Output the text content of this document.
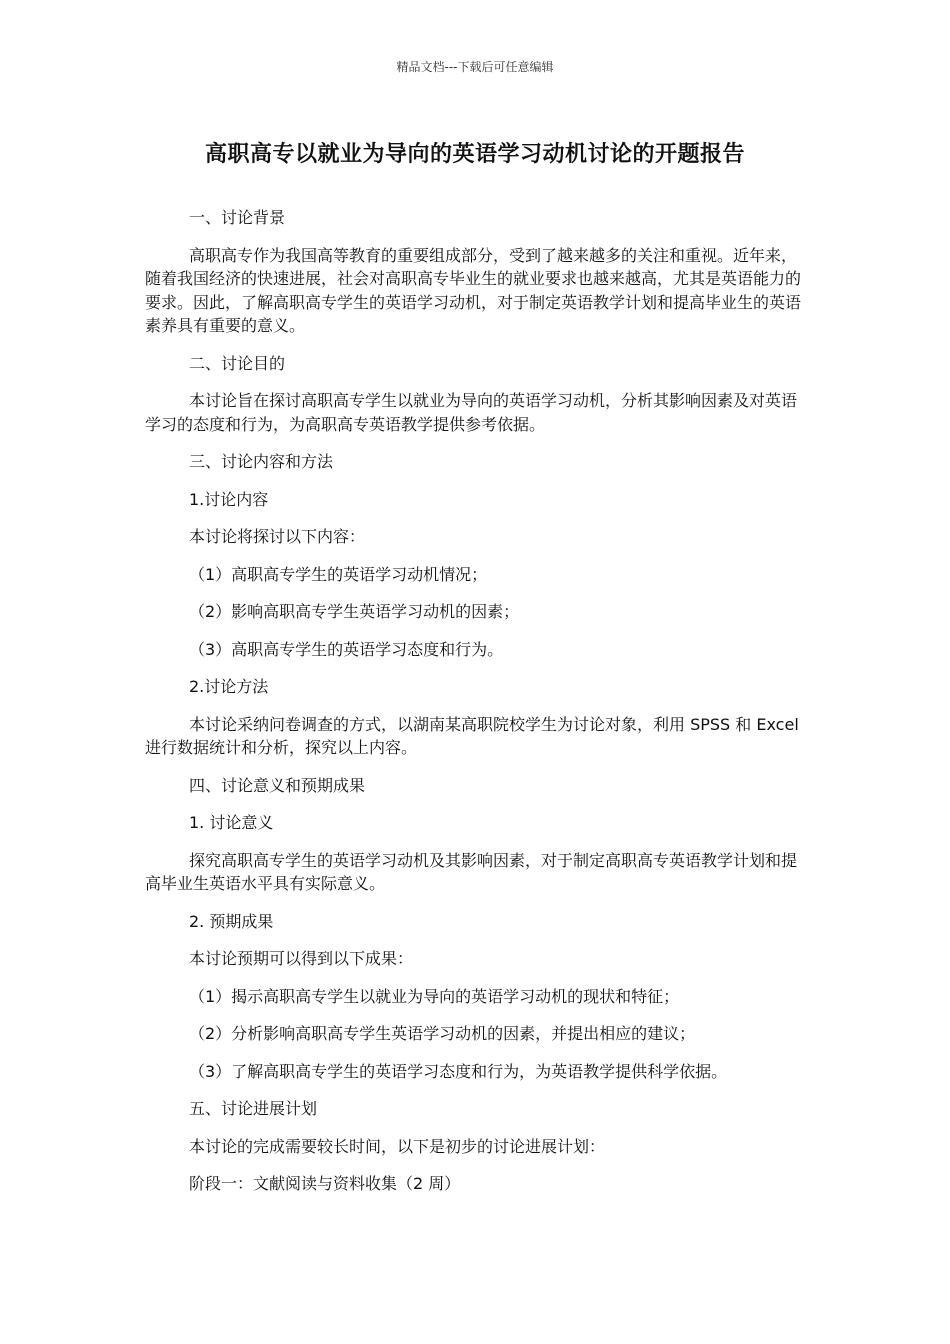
精品文档---下载后可任意编辑
高职高专以就业为导向的英语学习动机讨论的开题报告

一、讨论背景

高职高专作为我国高等教育的重要组成部分，受到了越来越多的关注和重视。近年来，随着我国经济的快速进展，社会对高职高专毕业生的就业要求也越来越高，尤其是英语能力的要求。因此，了解高职高专学生的英语学习动机，对于制定英语教学计划和提高毕业生的英语素养具有重要的意义。

二、讨论目的

本讨论旨在探讨高职高专学生以就业为导向的英语学习动机，分析其影响因素及对英语学习的态度和行为，为高职高专英语教学提供参考依据。

三、讨论内容和方法

1.讨论内容

本讨论将探讨以下内容：

（1）高职高专学生的英语学习动机情况；

（2）影响高职高专学生英语学习动机的因素；

（3）高职高专学生的英语学习态度和行为。

2.讨论方法

本讨论采纳问卷调查的方式，以湖南某高职院校学生为讨论对象，利用 SPSS 和 Excel 进行数据统计和分析，探究以上内容。

四、讨论意义和预期成果

1. 讨论意义

探究高职高专学生的英语学习动机及其影响因素，对于制定高职高专英语教学计划和提高毕业生英语水平具有实际意义。

2. 预期成果

本讨论预期可以得到以下成果：

（1）揭示高职高专学生以就业为导向的英语学习动机的现状和特征；

（2）分析影响高职高专学生英语学习动机的因素，并提出相应的建议；

（3）了解高职高专学生的英语学习态度和行为，为英语教学提供科学依据。

五、讨论进展计划

本讨论的完成需要较长时间，以下是初步的讨论进展计划：

阶段一：文献阅读与资料收集（2 周）
